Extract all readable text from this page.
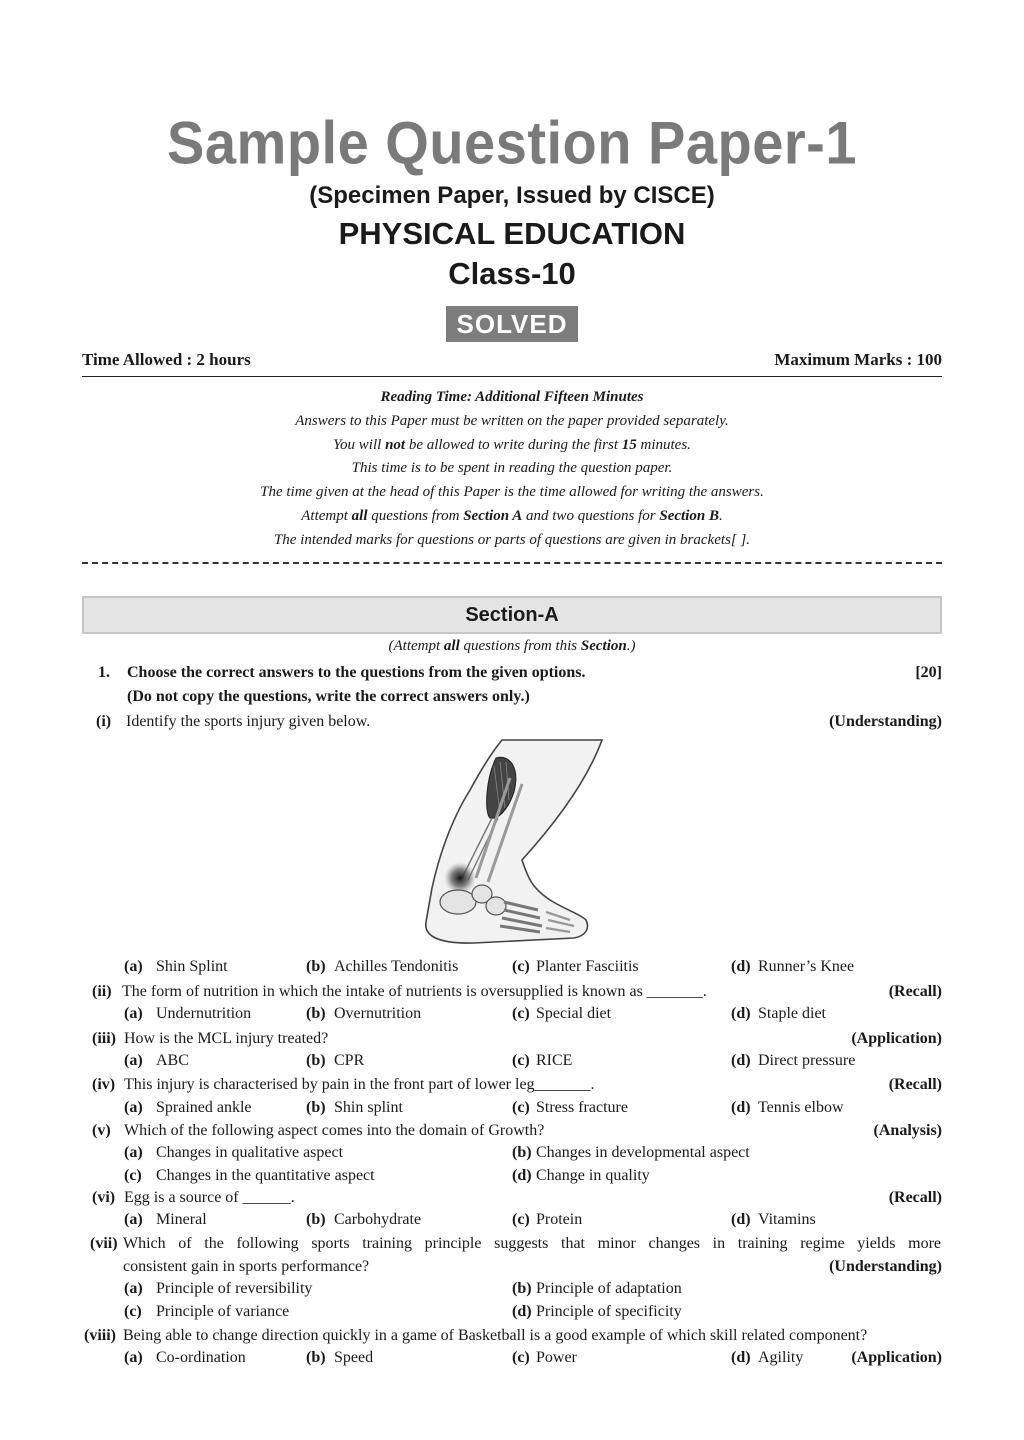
Sample Question Paper-1
(Specimen Paper, Issued by CISCE)
PHYSICAL EDUCATION
Class-10
SOLVED
Time Allowed : 2 hours	Maximum Marks : 100
Reading Time: Additional Fifteen Minutes
Answers to this Paper must be written on the paper provided separately.
You will not be allowed to write during the first 15 minutes.
This time is to be spent in reading the question paper.
The time given at the head of this Paper is the time allowed for writing the answers.
Attempt all questions from Section A and two questions for Section B.
The intended marks for questions or parts of questions are given in brackets[ ].
Section-A
(Attempt all questions from this Section.)
1. Choose the correct answers to the questions from the given options.	[20]
(Do not copy the questions, write the correct answers only.)
(i) Identify the sports injury given below.	(Understanding)
(a) Shin Splint	(b) Achilles Tendonitis	(c) Planter Fasciitis	(d) Runner’s Knee
(ii) The form of nutrition in which the intake of nutrients is oversupplied is known as _______.	(Recall)
(a) Undernutrition	(b) Overnutrition	(c) Special diet	(d) Staple diet
(iii) How is the MCL injury treated?	(Application)
(a) ABC	(b) CPR	(c) RICE	(d) Direct pressure
(iv) This injury is characterised by pain in the front part of lower leg_______.	(Recall)
(a) Sprained ankle	(b) Shin splint	(c) Stress fracture	(d) Tennis elbow
(v) Which of the following aspect comes into the domain of Growth?	(Analysis)
(a) Changes in qualitative aspect	(b) Changes in developmental aspect
(c) Changes in the quantitative aspect	(d) Change in quality
(vi) Egg is a source of ______.	(Recall)
(a) Mineral	(b) Carbohydrate	(c) Protein	(d) Vitamins
(vii) Which of the following sports training principle suggests that minor changes in training regime yields more
consistent gain in sports performance?	(Understanding)
(a) Principle of reversibility	(b) Principle of adaptation
(c) Principle of variance	(d) Principle of specificity
(viii) Being able to change direction quickly in a game of Basketball is a good example of which skill related component?
(a) Co-ordination	(b) Speed	(c) Power	(d) Agility	(Application)
